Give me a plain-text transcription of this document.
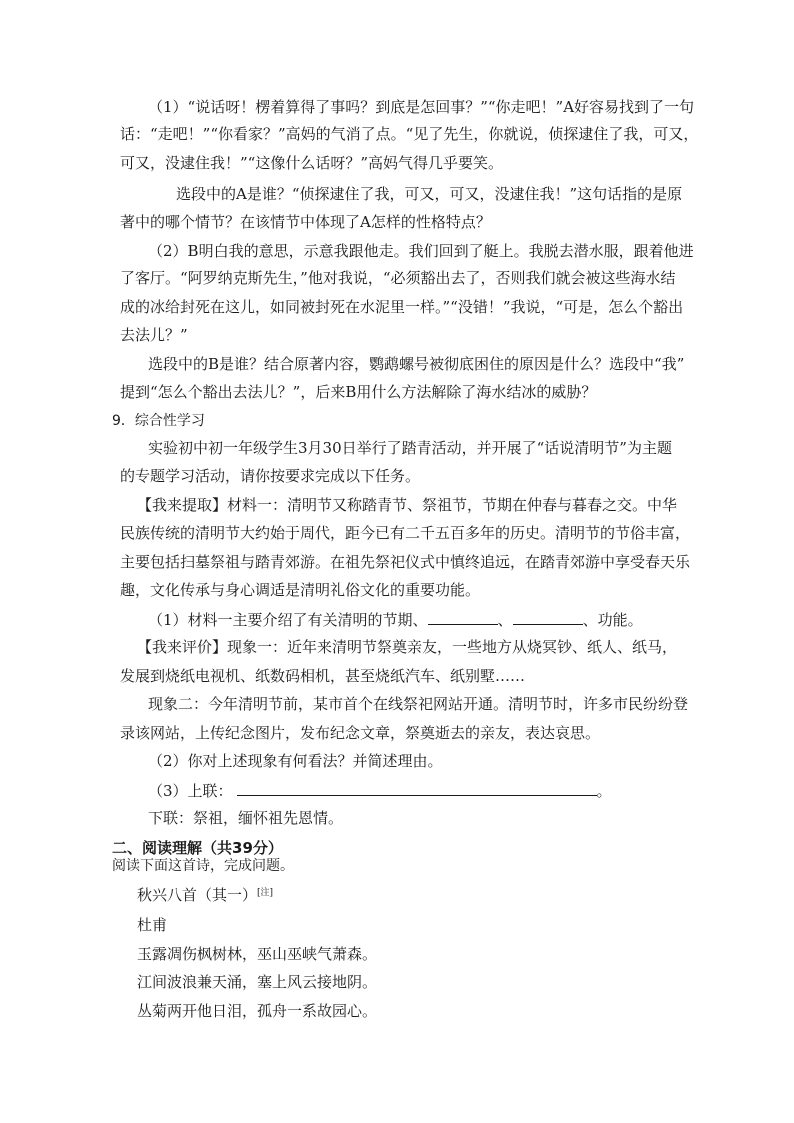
（1）“说话呀！楞着算得了事吗？到底是怎回事？”“你走吧！”A好容易找到了一句
话：“走吧！”“你看家？”高妈的气消了点。“见了先生，你就说，侦探逮住了我，可又，
可又，没逮住我！”“这像什么话呀？”高妈气得几乎要笑。
选段中的A是谁？“侦探逮住了我，可又，可又，没逮住我！”这句话指的是原
著中的哪个情节？在该情节中体现了A怎样的性格特点？
（2）B明白我的意思，示意我跟他走。我们回到了艇上。我脱去潜水服，跟着他进
了客厅。“阿罗纳克斯先生，”他对我说，“必须豁出去了，否则我们就会被这些海水结
成的冰给封死在这儿，如同被封死在水泥里一样。”“没错！”我说，“可是，怎么个豁出
去法儿？”
选段中的B是谁？结合原著内容，鹦鹉螺号被彻底困住的原因是什么？选段中“我”
提到“怎么个豁出去法儿？”，后来B用什么方法解除了海水结冰的威胁？
9．综合性学习
实验初中初一年级学生3月30日举行了踏青活动，并开展了“话说清明节”为主题
的专题学习活动，请你按要求完成以下任务。
【我来提取】材料一：清明节又称踏青节、祭祖节，节期在仲春与暮春之交。中华
民族传统的清明节大约始于周代，距今已有二千五百多年的历史。清明节的节俗丰富，
主要包括扫墓祭祖与踏青郊游。在祖先祭祀仪式中慎终追远，在踏青郊游中享受春天乐
趣，文化传承与身心调适是清明礼俗文化的重要功能。
（1）材料一主要介绍了有关清明的节期、	、	、功能。
【我来评价】现象一：近年来清明节祭奠亲友，一些地方从烧冥钞、纸人、纸马，
发展到烧纸电视机、纸数码相机，甚至烧纸汽车、纸别墅……
现象二：今年清明节前，某市首个在线祭祀网站开通。清明节时，许多市民纷纷登
录该网站，上传纪念图片，发布纪念文章，祭奠逝去的亲友，表达哀思。
（2）你对上述现象有何看法？并简述理由。
（3）上联：	。
下联：祭祖，缅怀祖先恩情。
二、阅读理解（共39分）
阅读下面这首诗，完成问题。
秋兴八首（其一）[注]
杜甫
玉露凋伤枫树林，巫山巫峡气萧森。
江间波浪兼天涌，塞上风云接地阴。
丛菊两开他日泪，孤舟一系故园心。
